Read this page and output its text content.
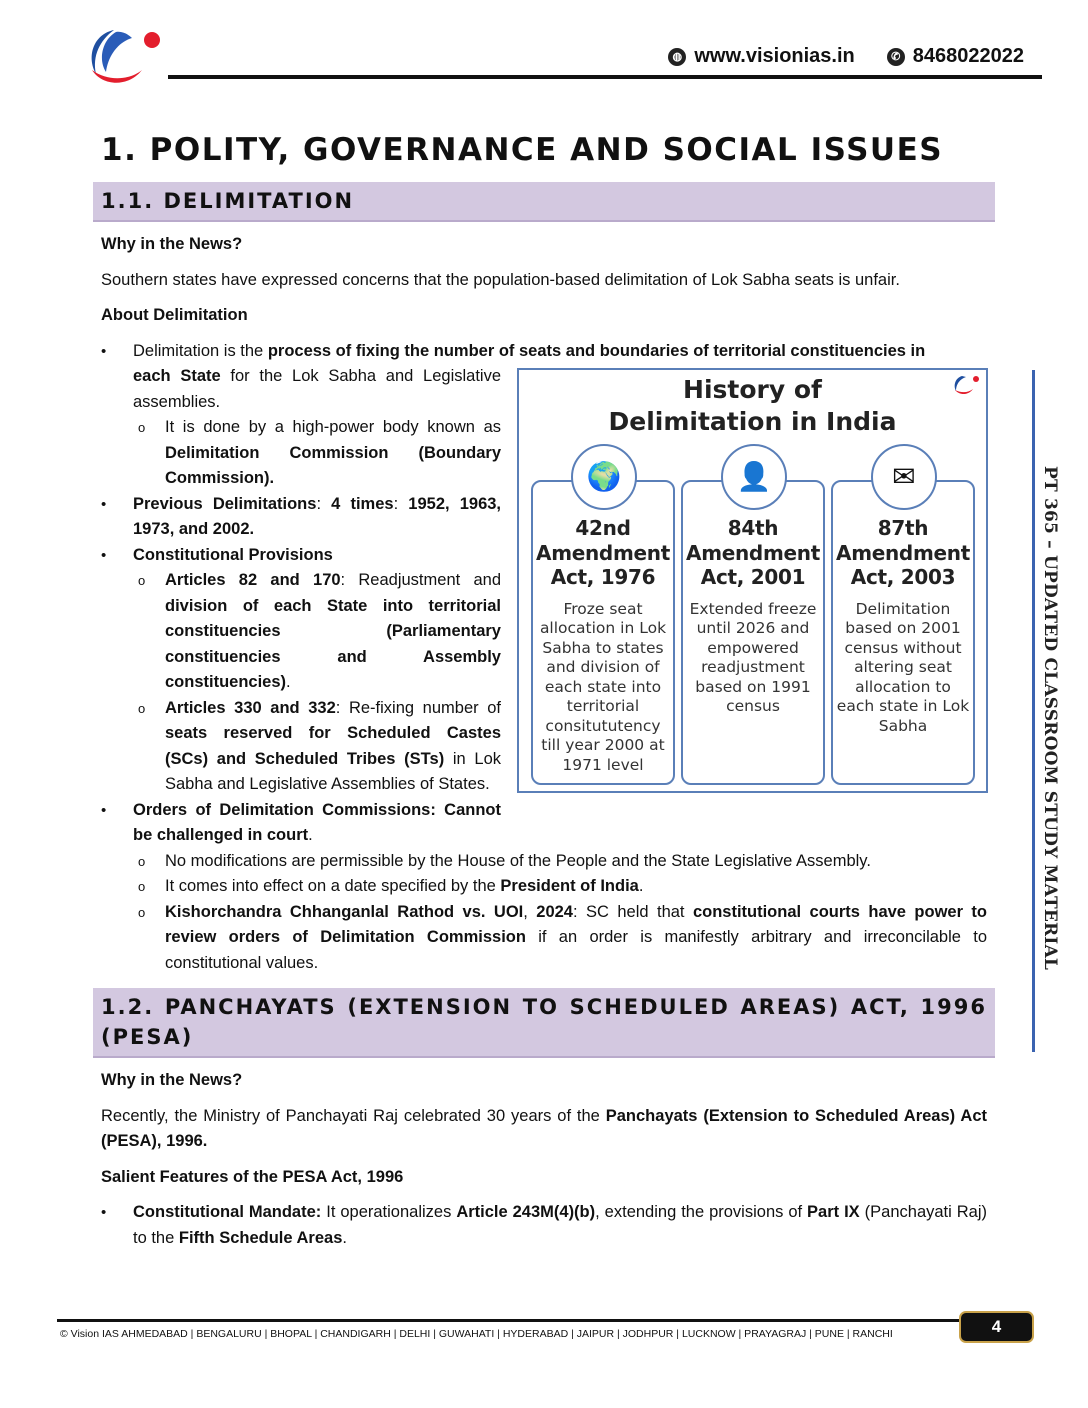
◍ www.visionias.in	✆ 8468022022
PT 365 – UPDATED CLASSROOM STUDY MATERIAL
1. POLITY, GOVERNANCE AND SOCIAL ISSUES
1.1. DELIMITATION
Why in the News?

Southern states have expressed concerns that the population-based delimitation of Lok Sabha seats is unfair.

About Delimitation
• Delimitation is the process of fixing the number of seats and boundaries of territorial constituencies in
History of
Delimitation in India
🌍
42nd
Amendment
Act, 1976
Froze seat allocation in Lok Sabha to states and division of each state into territorial consitututency till year 2000 at 1971 level
👤
84th
Amendment
Act, 2001
Extended freeze until 2026 and empowered readjustment based on 1991 census
✉
87th
Amendment
Act, 2003
Delimitation based on 2001 census without altering seat allocation to each state in Lok Sabha
each State for the Lok Sabha and Legislative assemblies.
o It is done by a high-power body known as Delimitation Commission (Boundary Commission).
• Previous Delimitations: 4 times: 1952, 1963, 1973, and 2002.
• Constitutional Provisions
o Articles 82 and 170: Readjustment and division of each State into territorial constituencies (Parliamentary constituencies and Assembly constituencies).
o Articles 330 and 332: Re-fixing number of seats reserved for Scheduled Castes (SCs) and Scheduled Tribes (STs) in Lok Sabha and Legislative Assemblies of States.
• Orders of Delimitation Commissions: Cannot be challenged in court.
o No modifications are permissible by the House of the People and the State Legislative Assembly.
o It comes into effect on a date specified by the President of India.
o Kishorchandra Chhanganlal Rathod vs. UOI, 2024: SC held that constitutional courts have power to review orders of Delimitation Commission if an order is manifestly arbitrary and irreconcilable to constitutional values.
1.2. PANCHAYATS (EXTENSION TO SCHEDULED AREAS) ACT, 1996 (PESA)
Why in the News?

Recently, the Ministry of Panchayati Raj celebrated 30 years of the Panchayats (Extension to Scheduled Areas) Act (PESA), 1996.

Salient Features of the PESA Act, 1996
• Constitutional Mandate: It operationalizes Article 243M(4)(b), extending the provisions of Part IX (Panchayati Raj) to the Fifth Schedule Areas.
© Vision IAS AHMEDABAD | BENGALURU | BHOPAL | CHANDIGARH | DELHI | GUWAHATI | HYDERABAD | JAIPUR | JODHPUR | LUCKNOW | PRAYAGRAJ | PUNE | RANCHI	4
